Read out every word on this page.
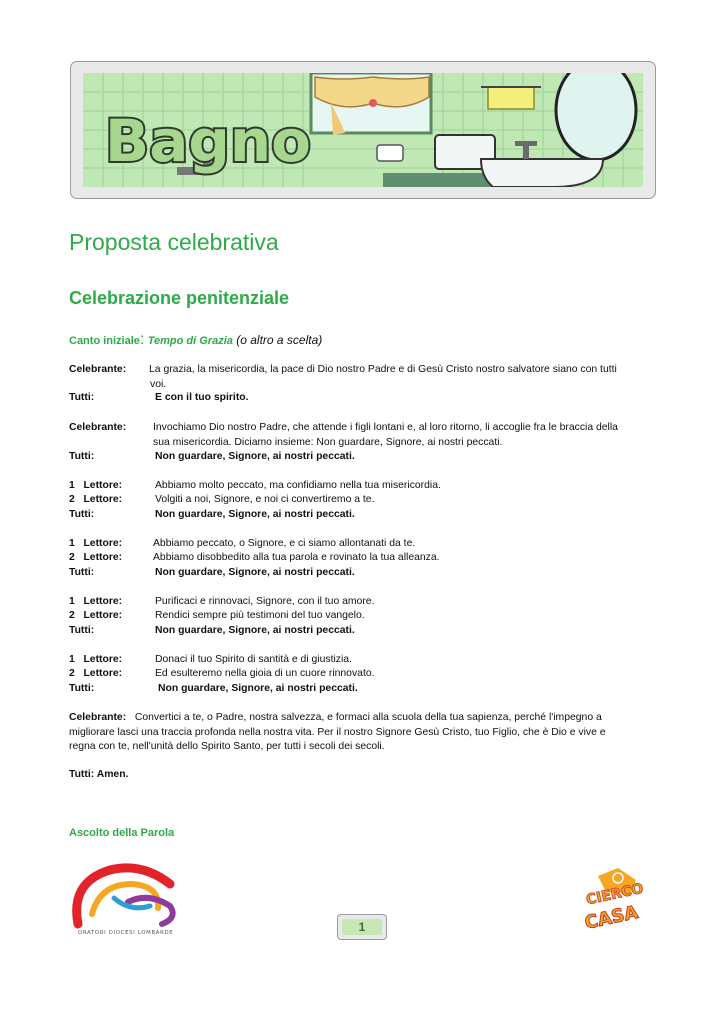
Bagno
Proposta celebrativa
Celebrazione penitenziale
Canto iniziale: Tempo di Grazia (o altro a scelta)
Celebrante:	La grazia, la misericordia, la pace di Dio nostro Padre e di Gesù Cristo nostro salvatore siano con tutti
voi.
Tutti:	E con il tuo spirito.
Celebrante:	Invochiamo Dio nostro Padre, che attende i figli lontani e, al loro ritorno, li accoglie fra le braccia della
sua misericordia. Diciamo insieme: Non guardare, Signore, ai nostri peccati.
Tutti:	Non guardare, Signore, ai nostri peccati.
1   Lettore:	Abbiamo molto peccato, ma confidiamo nella tua misericordia.
2   Lettore:	Volgiti a noi, Signore, e noi ci convertiremo a te.
Tutti:	Non guardare, Signore, ai nostri peccati.
1   Lettore:	Abbiamo peccato, o Signore, e ci siamo allontanati da te.
2   Lettore:	Abbiamo disobbedito alla tua parola e rovinato la tua alleanza.
Tutti:	Non guardare, Signore, ai nostri peccati.
1   Lettore:	Purificaci e rinnovaci, Signore, con il tuo amore.
2   Lettore:	Rendici sempre più testimoni del tuo vangelo.
Tutti:	Non guardare, Signore, ai nostri peccati.
1   Lettore:	Donaci il tuo Spirito di santità e di giustizia.
2   Lettore:	Ed esulteremo nella gioia di un cuore rinnovato.
Tutti:	Non guardare, Signore, ai nostri peccati.
Celebrante: Convertici a te, o Padre, nostra salvezza, e formaci alla scuola della tua sapienza, perché l'impegno a
migliorare lasci una traccia profonda nella nostra vita. Per il nostro Signore Gesù Cristo, tuo Figlio, che è Dio e vive e
regna con te, nell'unità dello Spirito Santo, per tutti i secoli dei secoli.
Tutti: Amen.
Ascolto della Parola
ORATORI DIOCESI LOMBARDE	1
CIERCO
CASA
